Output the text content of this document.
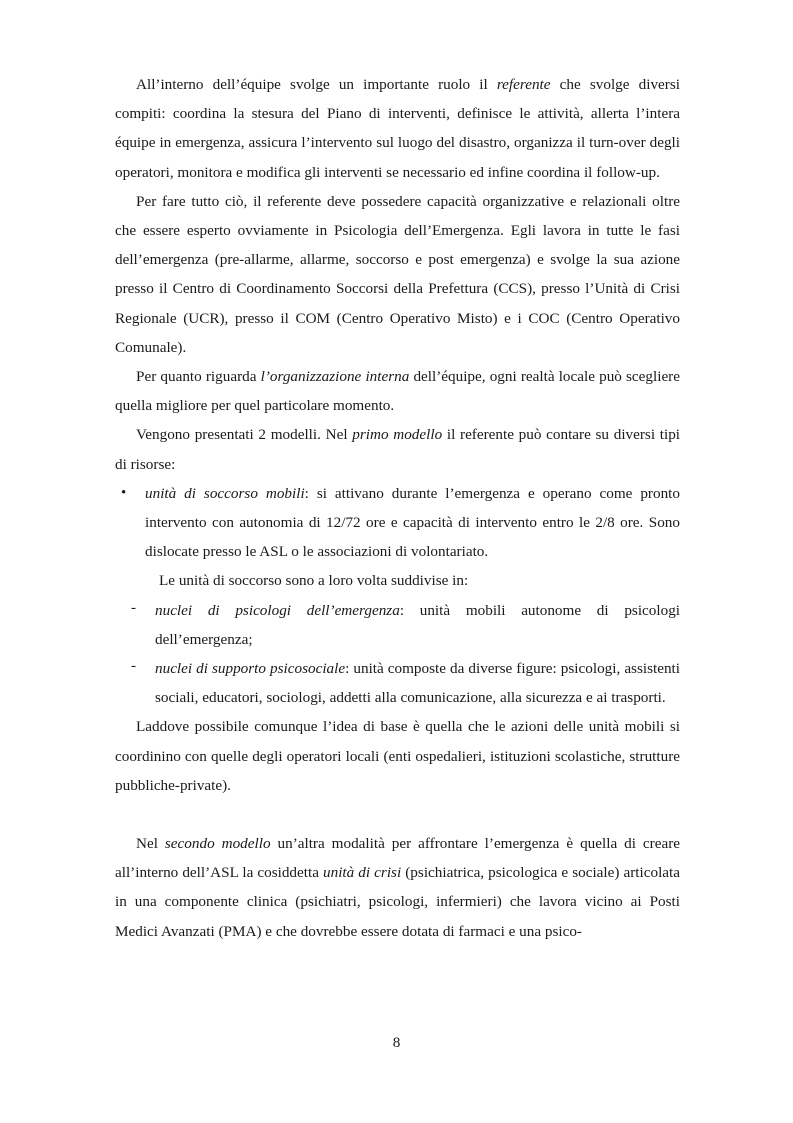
All’interno dell’équipe svolge un importante ruolo il referente che svolge diversi compiti: coordina la stesura del Piano di interventi, definisce le attività, allerta l’intera équipe in emergenza, assicura l’intervento sul luogo del disastro, organizza il turn-over degli operatori, monitora e modifica gli interventi se necessario ed infine coordina il follow-up.

Per fare tutto ciò, il referente deve possedere capacità organizzative e relazionali oltre che essere esperto ovviamente in Psicologia dell’Emergenza. Egli lavora in tutte le fasi dell’emergenza (pre-allarme, allarme, soccorso e post emergenza) e svolge la sua azione presso il Centro di Coordinamento Soccorsi della Prefettura (CCS), presso l’Unità di Crisi Regionale (UCR), presso il COM (Centro Operativo Misto) e i COC (Centro Operativo Comunale).

Per quanto riguarda l’organizzazione interna dell’équipe, ogni realtà locale può scegliere quella migliore per quel particolare momento.

Vengono presentati 2 modelli. Nel primo modello il referente può contare su diversi tipi di risorse:

•	unità di soccorso mobili: si attivano durante l’emergenza e operano come pronto intervento con autonomia di 12/72 ore e capacità di intervento entro le 2/8 ore. Sono dislocate presso le ASL o le associazioni di volontariato.

Le unità di soccorso sono a loro volta suddivise in:

-	nuclei di psicologi dell’emergenza: unità mobili autonome di psicologi dell’emergenza;

-	nuclei di supporto psicosociale: unità composte da diverse figure: psicologi, assistenti sociali, educatori, sociologi, addetti alla comunicazione, alla sicurezza e ai trasporti.

Laddove possibile comunque l’idea di base è quella che le azioni delle unità mobili si coordinino con quelle degli operatori locali (enti ospedalieri, istituzioni scolastiche, strutture pubbliche-private).

Nel secondo modello un’altra modalità per affrontare l’emergenza è quella di creare all’interno dell’ASL la cosiddetta unità di crisi (psichiatrica, psicologica e sociale) articolata in una componente clinica (psichiatri, psicologi, infermieri) che lavora vicino ai Posti Medici Avanzati (PMA) e che dovrebbe essere dotata di farmaci e una psico-

8
